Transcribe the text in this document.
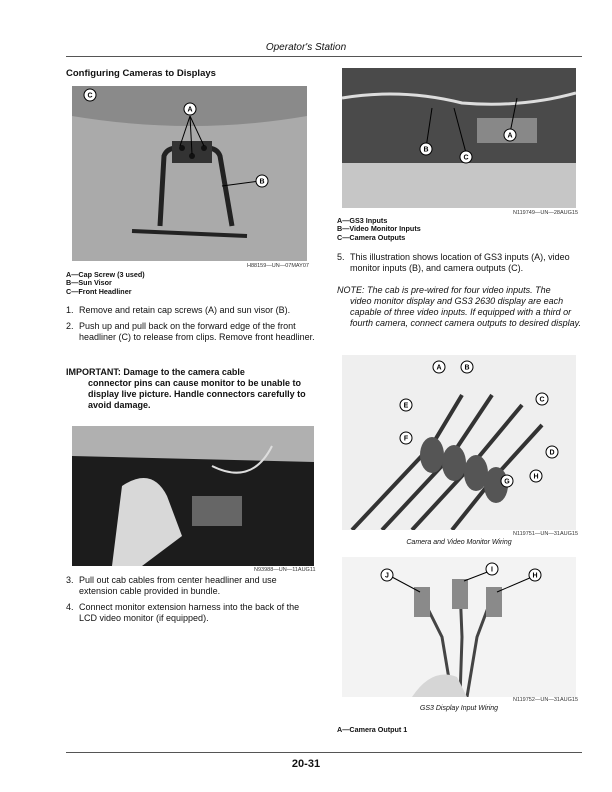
Operator's Station
Configuring Cameras to Displays
A
B
C
H88159—UN—07MAY07
A—Cap Screw (3 used)
B—Sun Visor
C—Front Headliner
1. Remove and retain cap screws (A) and sun visor (B).
2. Push up and pull back on the forward edge of the front headliner (C) to release from clips. Remove front headliner.
IMPORTANT: Damage to the camera cable
connector pins can cause monitor to be unable to display live picture. Handle connectors carefully to avoid damage.
N93988—UN—11AUG11
3. Pull out cab cables from center headliner and use extension cable provided in bundle.
4. Connect monitor extension harness into the back of the LCD video monitor (if equipped).
A
B
C
N119749—UN—28AUG15
A—GS3 Inputs
B—Video Monitor Inputs
C—Camera Outputs
5. This illustration shows location of GS3 inputs (A), video monitor inputs (B), and camera outputs (C).
NOTE: The cab is pre-wired for four video inputs. The
video monitor display and GS3 2630 display are each capable of three video inputs. If equipped with a third or fourth camera, connect camera outputs to desired display.
A	B
C
D
E
F
G
H
N119751—UN—31AUG15
Camera and Video Monitor Wiring
J
I
H
N119752—UN—31AUG15
GS3 Display Input Wiring
A—Camera Output 1
20-31
